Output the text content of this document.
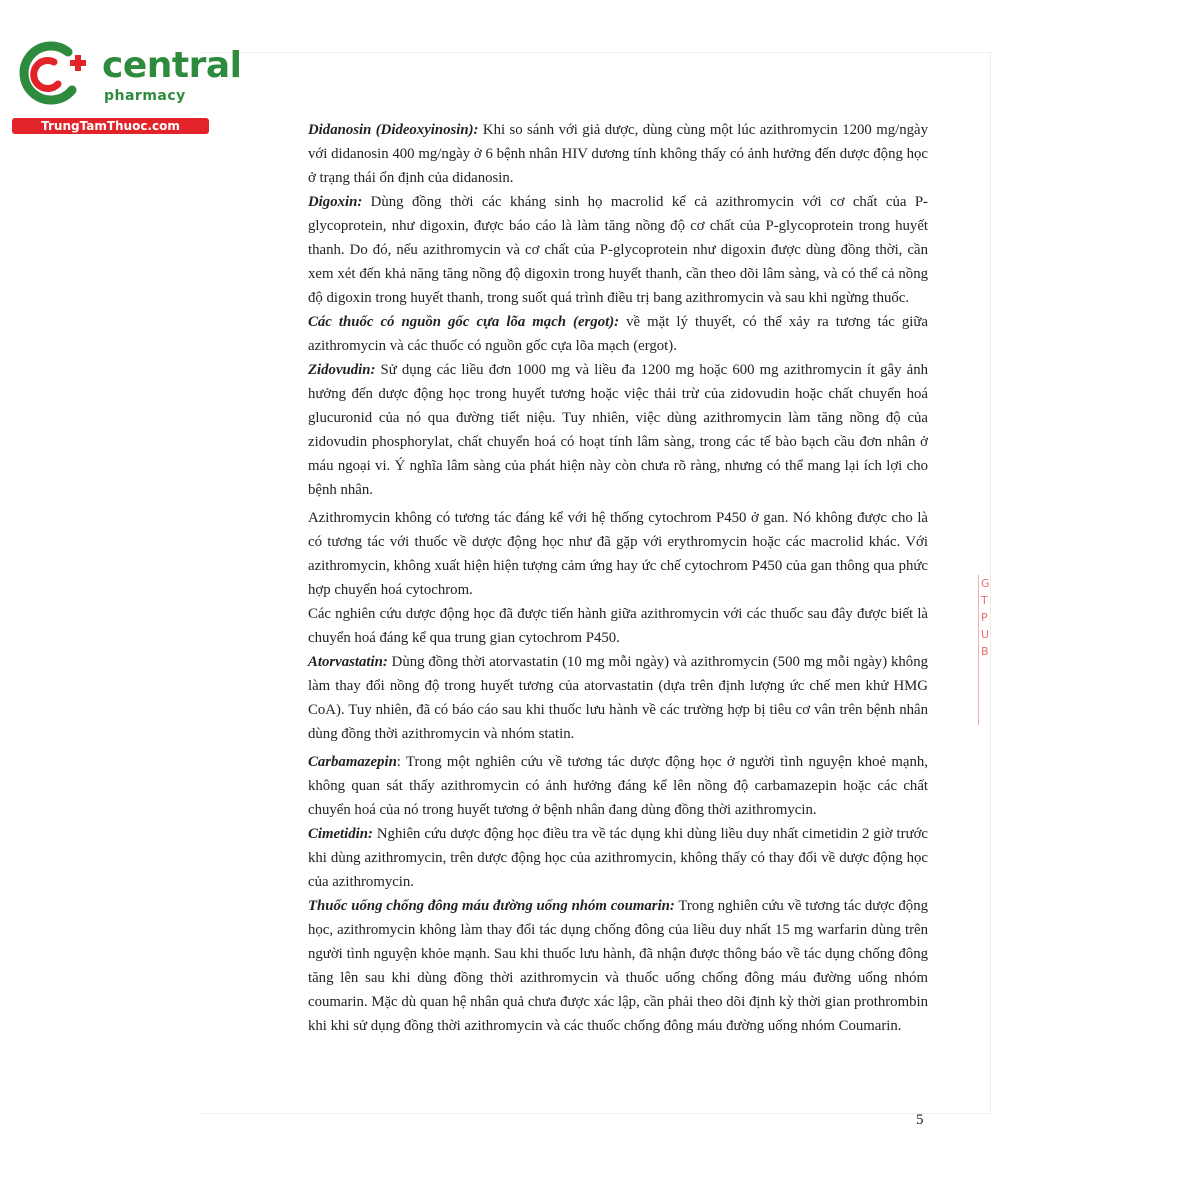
central
pharmacy
TrungTamThuoc.com	Didanosin (Dideoxyinosin): Khi so sánh với giả dược, dùng cùng một lúc azithromycin 1200 mg/ngày với didanosin 400 mg/ngày ở 6 bệnh nhân HIV dương tính không thấy có ảnh hưởng đến dược động học ở trạng thái ổn định của didanosin.

Digoxin: Dùng đồng thời các kháng sinh họ macrolid kể cả azithromycin với cơ chất của P-glycoprotein, như digoxin, được báo cáo là làm tăng nồng độ cơ chất của P-glycoprotein trong huyết thanh. Do đó, nếu azithromycin và cơ chất của P-glycoprotein như digoxin được dùng đồng thời, cần xem xét đến khả năng tăng nồng độ digoxin trong huyết thanh, cần theo dõi lâm sàng, và có thể cả nồng độ digoxin trong huyết thanh, trong suốt quá trình điều trị bang azithromycin và sau khi ngừng thuốc.

Các thuốc có nguồn gốc cựa lõa mạch (ergot): về mặt lý thuyết, có thể xảy ra tương tác giữa azithromycin và các thuốc có nguồn gốc cựa lõa mạch (ergot).

Zidovudin: Sử dụng các liều đơn 1000 mg và liều đa 1200 mg hoặc 600 mg azithromycin ít gây ảnh hưởng đến dược động học trong huyết tương hoặc việc thải trừ của zidovudin hoặc chất chuyển hoá glucuronid của nó qua đường tiết niệu. Tuy nhiên, việc dùng azithromycin làm tăng nồng độ của zidovudin phosphorylat, chất chuyển hoá có hoạt tính lâm sàng, trong các tế bào bạch cầu đơn nhân ở máu ngoại vi. Ý nghĩa lâm sàng của phát hiện này còn chưa rõ ràng, nhưng có thể mang lại ích lợi cho bệnh nhân.

Azithromycin không có tương tác đáng kể với hệ thống cytochrom P450 ở gan. Nó không được cho là có tương tác với thuốc về dược động học như đã gặp với erythromycin hoặc các macrolid khác. Với azithromycin, không xuất hiện hiện tượng cảm ứng hay ức chế cytochrom P450 của gan thông qua phức hợp chuyển hoá cytochrom.

Các nghiên cứu dược động học đã được tiến hành giữa azithromycin với các thuốc sau đây được biết là chuyển hoá đáng kể qua trung gian cytochrom P450.

Atorvastatin: Dùng đồng thời atorvastatin (10 mg mỗi ngày) và azithromycin (500 mg mỗi ngày) không làm thay đổi nồng độ trong huyết tương của atorvastatin (dựa trên định lượng ức chế men khử HMG CoA). Tuy nhiên, đã có báo cáo sau khi thuốc lưu hành về các trường hợp bị tiêu cơ vân trên bệnh nhân dùng đồng thời azithromycin và nhóm statin.

Carbamazepin: Trong một nghiên cứu về tương tác dược động học ở người tình nguyện khoẻ mạnh, không quan sát thấy azithromycin có ảnh hưởng đáng kể lên nồng độ carbamazepin hoặc các chất chuyển hoá của nó trong huyết tương ở bệnh nhân đang dùng đồng thời azithromycin.

Cimetidin: Nghiên cứu dược động học điều tra về tác dụng khi dùng liều duy nhất cimetidin 2 giờ trước khi dùng azithromycin, trên dược động học của azithromycin, không thấy có thay đổi về dược động học của azithromycin.

Thuốc uống chống đông máu đường uống nhóm coumarin: Trong nghiên cứu về tương tác dược động học, azithromycin không làm thay đổi tác dụng chống đông của liều duy nhất 15 mg warfarin dùng trên người tình nguyện khỏe mạnh. Sau khi thuốc lưu hành, đã nhận được thông báo về tác dụng chống đông tăng lên sau khi dùng đồng thời azithromycin và thuốc uống chống đông máu đường uống nhóm coumarin. Mặc dù quan hệ nhân quả chưa được xác lập, cần phải theo dõi định kỳ thời gian prothrombin khi khi sử dụng đồng thời azithromycin và các thuốc chống đông máu đường uống nhóm Coumarin.

5
G
T
P
U
B
